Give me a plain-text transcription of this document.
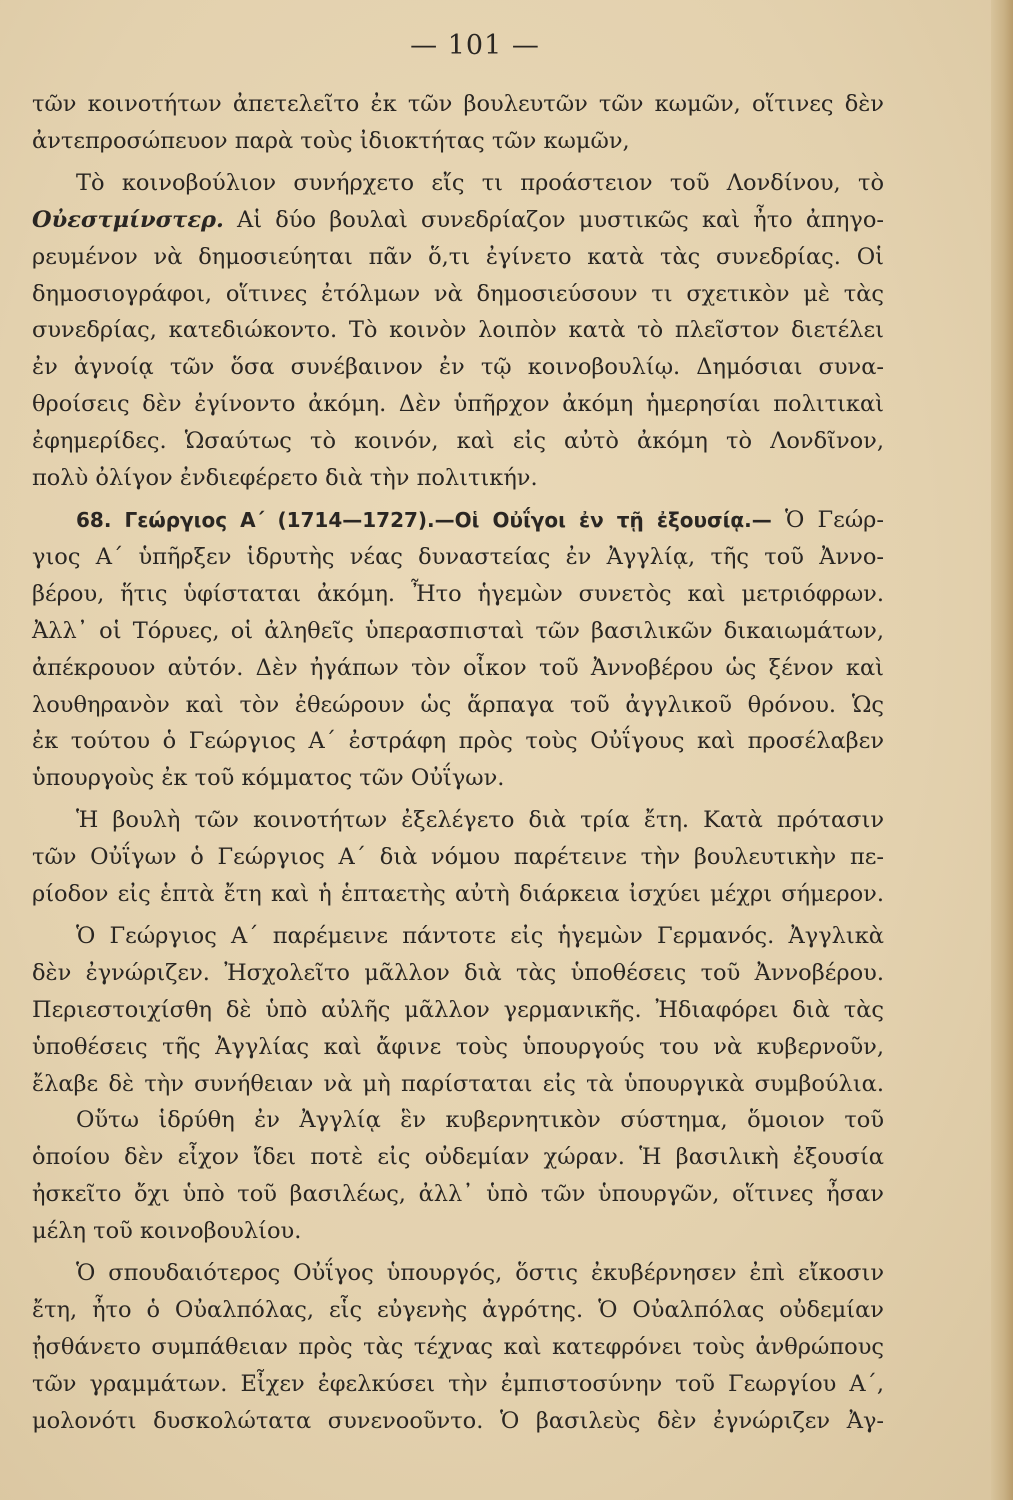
— 101 —
τῶν κοινοτήτων ἀπετελεῖτο ἐκ τῶν βουλευτῶν τῶν κωμῶν, οἵτινες δὲν
ἀντεπροσώπευον παρὰ τοὺς ἰδιοκτήτας τῶν κωμῶν,
Τὸ κοινοβούλιον συνήρχετο εἴς τι προάστειον τοῦ Λονδίνου, τὸ
Οὐεστμίνστερ. Αἱ δύο βουλαὶ συνεδρίαζον μυστικῶς καὶ ἦτο ἀπηγο-
ρευμένον νὰ δημοσιεύηται πᾶν ὅ,τι ἐγίνετο κατὰ τὰς συνεδρίας. Οἱ
δημοσιογράφοι, οἵτινες ἐτόλμων νὰ δημοσιεύσουν τι σχετικὸν μὲ τὰς
συνεδρίας, κατεδιώκοντο. Τὸ κοινὸν λοιπὸν κατὰ τὸ πλεῖστον διετέλει
ἐν ἀγνοίᾳ τῶν ὅσα συνέβαινον ἐν τῷ κοινοβουλίῳ. Δημόσιαι συνα-
θροίσεις δὲν ἐγίνοντο ἀκόμη. Δὲν ὑπῆρχον ἀκόμη ἡμερησίαι πολιτικαὶ
ἐφημερίδες. Ὡσαύτως τὸ κοινόν, καὶ εἰς αὐτὸ ἀκόμη τὸ Λονδῖνον,
πολὺ ὀλίγον ἐνδιεφέρετο διὰ τὴν πολιτικήν.
68. Γεώργιος Α΄ (1714—1727).—Οἱ Οὐΐγοι ἐν τῇ ἐξουσίᾳ.— Ὁ Γεώρ-
γιος Α΄ ὑπῆρξεν ἱδρυτὴς νέας δυναστείας ἐν Ἀγγλίᾳ, τῆς τοῦ Ἀννο-
βέρου, ἥτις ὑφίσταται ἀκόμη. Ἦτο ἡγεμὼν συνετὸς καὶ μετριόφρων.
Ἀλλ᾿ οἱ Τόρυες, οἱ ἀληθεῖς ὑπερασπισταὶ τῶν βασιλικῶν δικαιωμάτων,
ἀπέκρουον αὐτόν. Δὲν ἠγάπων τὸν οἶκον τοῦ Ἀννοβέρου ὡς ξένον καὶ
λουθηρανὸν καὶ τὸν ἐθεώρουν ὡς ἅρπαγα τοῦ ἀγγλικοῦ θρόνου. Ὡς
ἐκ τούτου ὁ Γεώργιος Α΄ ἐστράφη πρὸς τοὺς Οὐΐγους καὶ προσέλαβεν
ὑπουργοὺς ἐκ τοῦ κόμματος τῶν Οὐΐγων.
Ἡ βουλὴ τῶν κοινοτήτων ἐξελέγετο διὰ τρία ἔτη. Κατὰ πρότασιν
τῶν Οὐΐγων ὁ Γεώργιος Α΄ διὰ νόμου παρέτεινε τὴν βουλευτικὴν πε-
ρίοδον εἰς ἑπτὰ ἔτη καὶ ἡ ἑπταετὴς αὐτὴ διάρκεια ἰσχύει μέχρι σήμερον.
Ὁ Γεώργιος Α΄ παρέμεινε πάντοτε εἰς ἡγεμὼν Γερμανός. Ἀγγλικὰ
δὲν ἐγνώριζεν. Ἠσχολεῖτο μᾶλλον διὰ τὰς ὑποθέσεις τοῦ Ἀννοβέρου.
Περιεστοιχίσθη δὲ ὑπὸ αὐλῆς μᾶλλον γερμανικῆς. Ἠδιαφόρει διὰ τὰς
ὑποθέσεις τῆς Ἀγγλίας καὶ ἄφινε τοὺς ὑπουργούς του νὰ κυβερνοῦν,
ἔλαβε δὲ τὴν συνήθειαν νὰ μὴ παρίσταται εἰς τὰ ὑπουργικὰ συμβούλια.
Οὕτω ἱδρύθη ἐν Ἀγγλίᾳ ἓν κυβερνητικὸν σύστημα, ὅμοιον τοῦ
ὁποίου δὲν εἶχον ἴδει ποτὲ εἰς οὐδεμίαν χώραν. Ἡ βασιλικὴ ἐξουσία
ἠσκεῖτο ὄχι ὑπὸ τοῦ βασιλέως, ἀλλ᾿ ὑπὸ τῶν ὑπουργῶν, οἵτινες ἦσαν
μέλη τοῦ κοινοβουλίου.
Ὁ σπουδαιότερος Οὐΐγος ὑπουργός, ὅστις ἐκυβέρνησεν ἐπὶ εἴκοσιν
ἔτη, ἦτο ὁ Οὐαλπόλας, εἷς εὐγενὴς ἀγρότης. Ὁ Οὐαλπόλας οὐδεμίαν
ᾐσθάνετο συμπάθειαν πρὸς τὰς τέχνας καὶ κατεφρόνει τοὺς ἀνθρώπους
τῶν γραμμάτων. Εἶχεν ἐφελκύσει τὴν ἐμπιστοσύνην τοῦ Γεωργίου Α΄,
μολονότι δυσκολώτατα συνενοοῦντο. Ὁ βασιλεὺς δὲν ἐγνώριζεν Ἀγ-
